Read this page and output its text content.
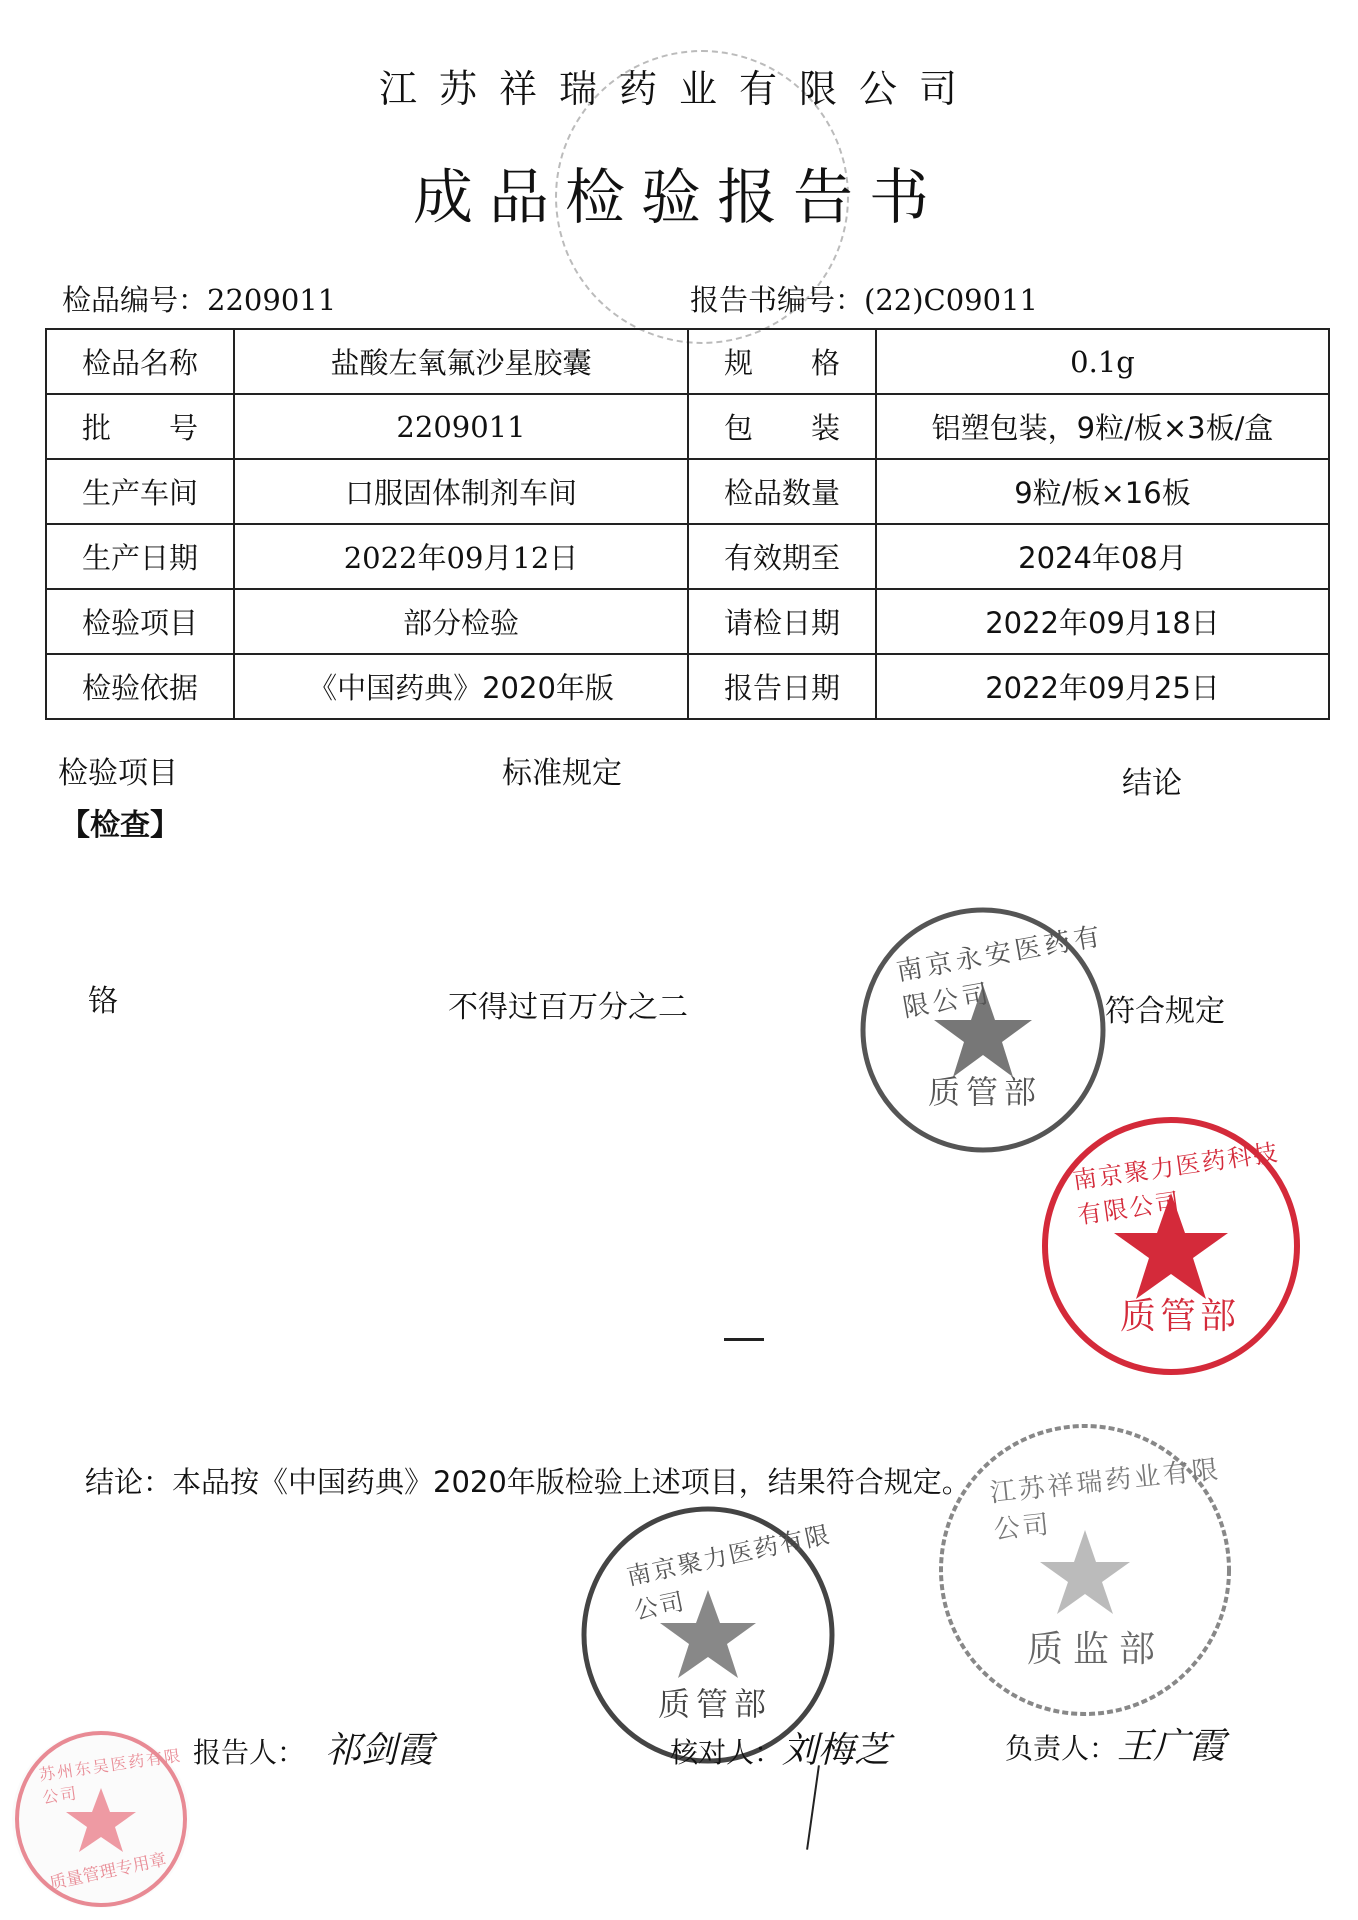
江苏祥瑞药业有限公司
成品检验报告书
检品编号：2209011	报告书编号：(22)C09011
检品名称	盐酸左氧氟沙星胶囊	规　　格	0.1g
批　　号	2209011	包　　装	铝塑包装，9粒/板×3板/盒
生产车间	口服固体制剂车间	检品数量	9粒/板×16板
生产日期	2022年09月12日	有效期至	2024年08月
检验项目	部分检验	请检日期	2022年09月18日
检验依据	《中国药典》2020年版	报告日期	2022年09月25日
检验项目	标准规定	结论
【检查】
铬	不得过百万分之二	符合规定
南京永安医药有限公司
质管部
南京聚力医药科技有限公司
质管部
结论：本品按《中国药典》2020年版检验上述项目，结果符合规定。
南京聚力医药有限公司
质管部
江苏祥瑞药业有限公司
质监部
报告人： 祁剑霞	核对人：刘梅芝	负责人：王广霞
苏州东吴医药有限公司
质量管理专用章
